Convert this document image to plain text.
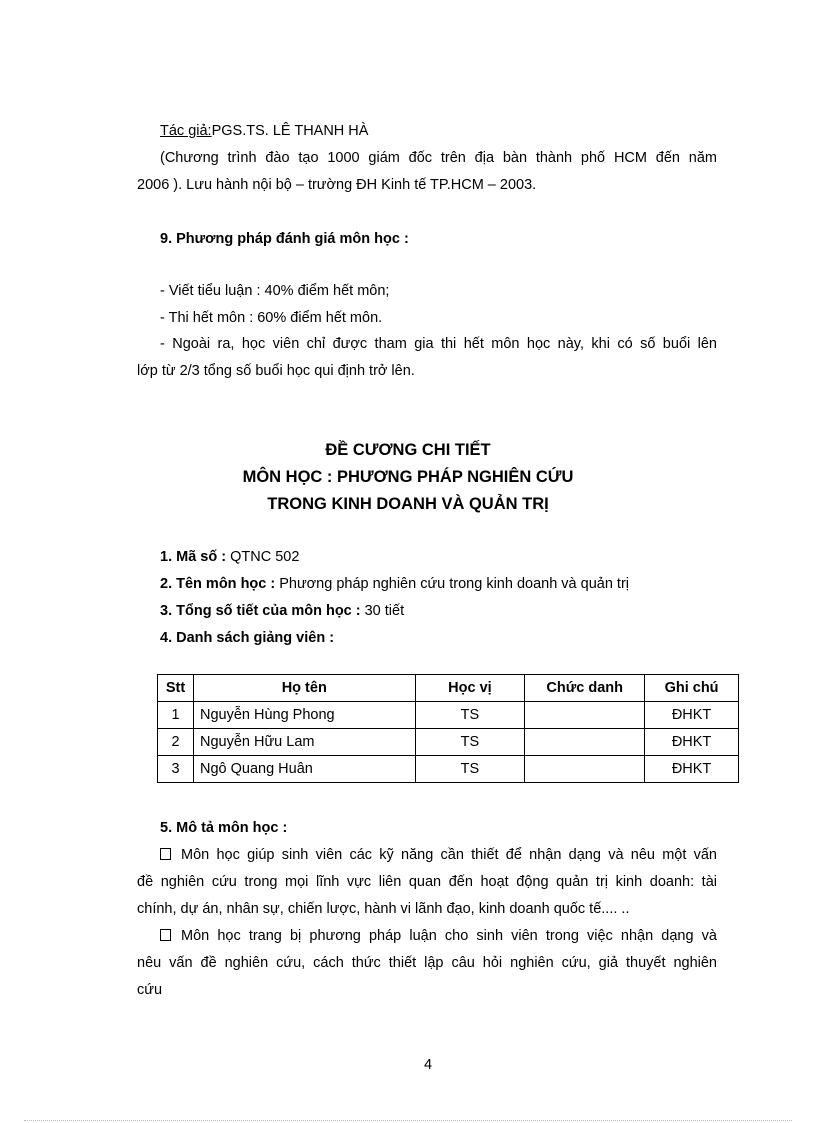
Tác giả:PGS.TS. LÊ THANH HÀ
(Chương trình đào tạo 1000 giám đốc trên địa bàn thành phố HCM đến năm
2006 ). Lưu hành nội bộ – trường ĐH Kinh tế TP.HCM – 2003.
9. Phương pháp đánh giá môn học :
- Viết tiểu luận : 40% điểm hết môn;
- Thi hết môn : 60% điểm hết môn.
- Ngoài ra, học viên chỉ được tham gia thi hết môn học này, khi có số buổi lên
lớp từ 2/3 tổng số buổi học qui định trở lên.
ĐỀ CƯƠNG CHI TIẾT
MÔN HỌC : PHƯƠNG PHÁP NGHIÊN CỨU
TRONG KINH DOANH VÀ QUẢN TRỊ
1. Mã số : QTNC 502
2. Tên môn học : Phương pháp nghiên cứu trong kinh doanh và quản trị
3. Tổng số tiết của môn học : 30 tiết
4. Danh sách giảng viên :
Stt	Họ tên	Học vị	Chức danh	Ghi chú
1	Nguyễn Hùng Phong	TS		ĐHKT
2	Nguyễn Hữu Lam	TS		ĐHKT
3	Ngô Quang Huân	TS		ĐHKT
5. Mô tả môn học :
Môn học giúp sinh viên các kỹ năng cần thiết để nhận dạng và nêu một vấn
đề nghiên cứu trong mọi lĩnh vực liên quan đến hoạt động quản trị kinh doanh: tài
chính, dự án, nhân sự, chiến lược, hành vi lãnh đạo, kinh doanh quốc tế.... ..
Môn học trang bị phương pháp luận cho sinh viên trong việc nhận dạng và
nêu vấn đề nghiên cứu, cách thức thiết lập câu hỏi nghiên cứu, giả thuyết nghiên
cứu
4
